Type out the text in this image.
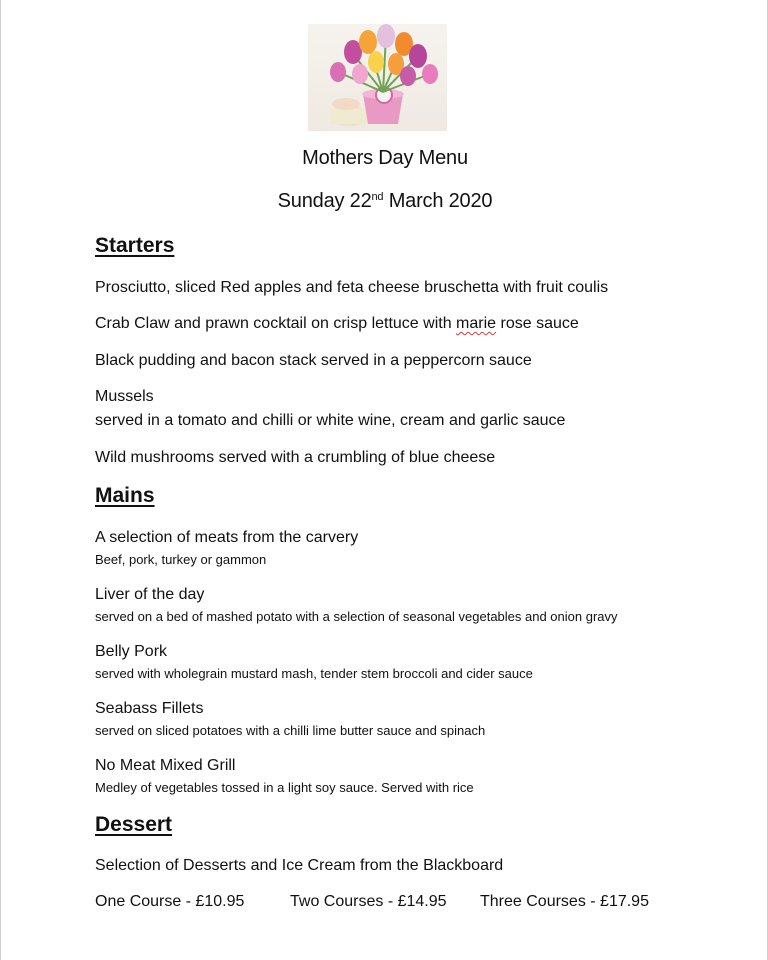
Mothers Day Menu
Sunday 22nd March 2020
Starters
Prosciutto, sliced Red apples and feta cheese bruschetta with fruit coulis
Crab Claw and prawn cocktail on crisp lettuce with marie rose sauce
Black pudding and bacon stack served in a peppercorn sauce
Mussels
served in a tomato and chilli or white wine, cream and garlic sauce
Wild mushrooms served with a crumbling of blue cheese
Mains
A selection of meats from the carvery
Beef, pork, turkey or gammon
Liver of the day
served on a bed of mashed potato with a selection of seasonal vegetables and onion gravy
Belly Pork
served with wholegrain mustard mash, tender stem broccoli and cider sauce
Seabass Fillets
served on sliced potatoes with a chilli lime butter sauce and spinach
No Meat Mixed Grill
Medley of vegetables tossed in a light soy sauce. Served with rice
Dessert
Selection of Desserts and Ice Cream from the Blackboard
One Course - £10.95	Two Courses - £14.95 Three Courses - £17.95
